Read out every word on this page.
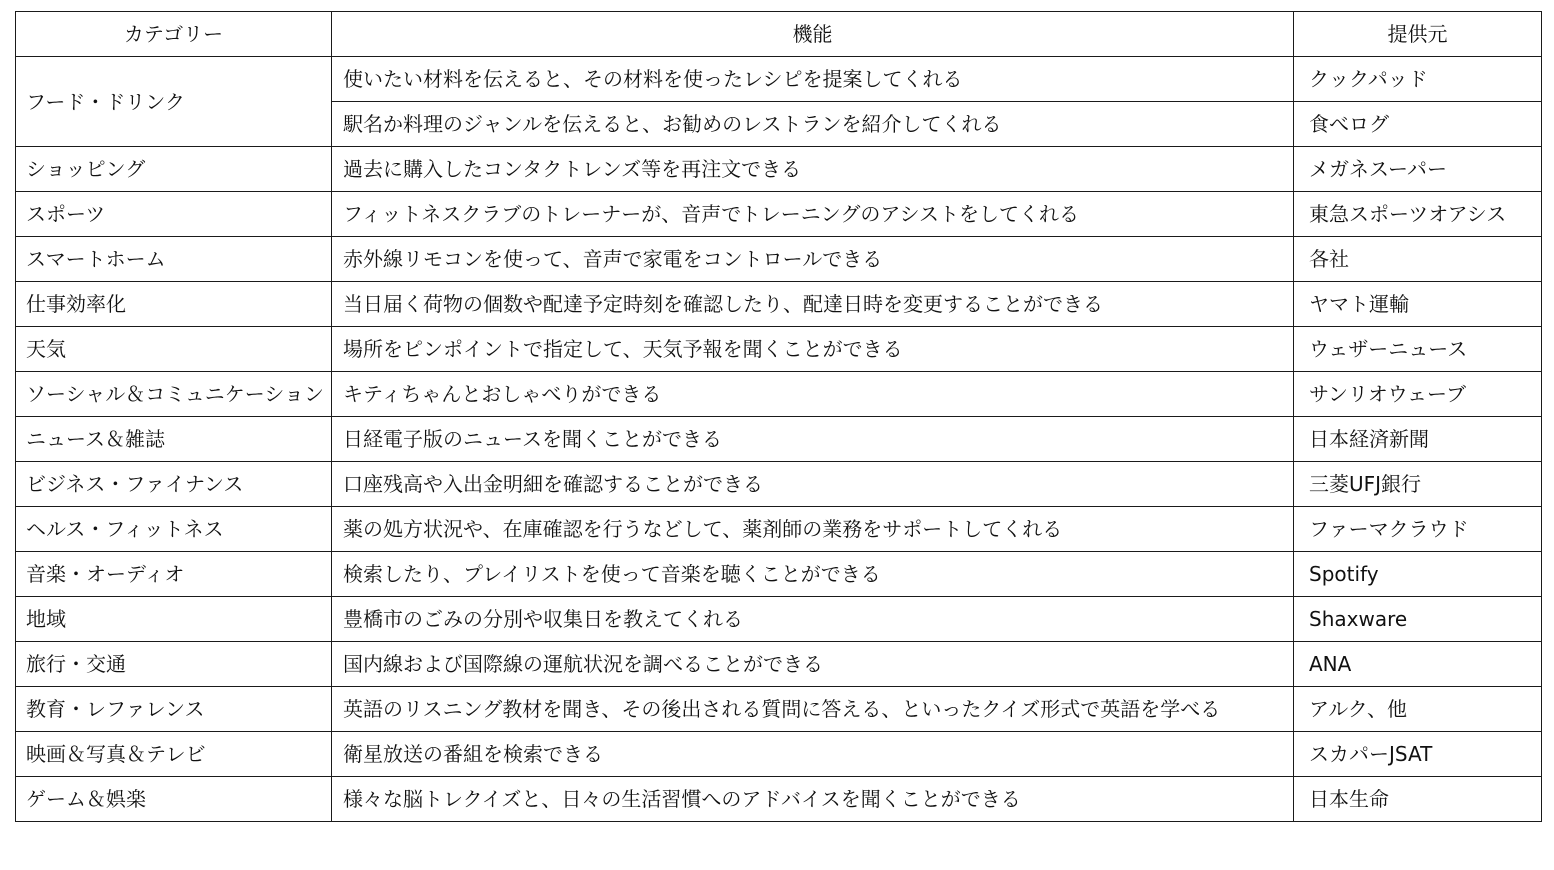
カテゴリー	機能	提供元
フード・ドリンク	使いたい材料を伝えると、その材料を使ったレシピを提案してくれる	クックパッド
	駅名か料理のジャンルを伝えると、お勧めのレストランを紹介してくれる	食べログ
ショッピング	過去に購入したコンタクトレンズ等を再注文できる	メガネスーパー
スポーツ	フィットネスクラブのトレーナーが、音声でトレーニングのアシストをしてくれる	東急スポーツオアシス
スマートホーム	赤外線リモコンを使って、音声で家電をコントロールできる	各社
仕事効率化	当日届く荷物の個数や配達予定時刻を確認したり、配達日時を変更することができる	ヤマト運輸
天気	場所をピンポイントで指定して、天気予報を聞くことができる	ウェザーニュース
ソーシャル＆コミュニケーション	キティちゃんとおしゃべりができる	サンリオウェーブ
ニュース＆雑誌	日経電子版のニュースを聞くことができる	日本経済新聞
ビジネス・ファイナンス	口座残高や入出金明細を確認することができる	三菱UFJ銀行
ヘルス・フィットネス	薬の処方状況や、在庫確認を行うなどして、薬剤師の業務をサポートしてくれる	ファーマクラウド
音楽・オーディオ	検索したり、プレイリストを使って音楽を聴くことができる	Spotify
地域	豊橋市のごみの分別や収集日を教えてくれる	Shaxware
旅行・交通	国内線および国際線の運航状況を調べることができる	ANA
教育・レファレンス	英語のリスニング教材を聞き、その後出される質問に答える、といったクイズ形式で英語を学べる	アルク、他
映画＆写真＆テレビ	衛星放送の番組を検索できる	スカパーJSAT
ゲーム＆娯楽	様々な脳トレクイズと、日々の生活習慣へのアドバイスを聞くことができる	日本生命
